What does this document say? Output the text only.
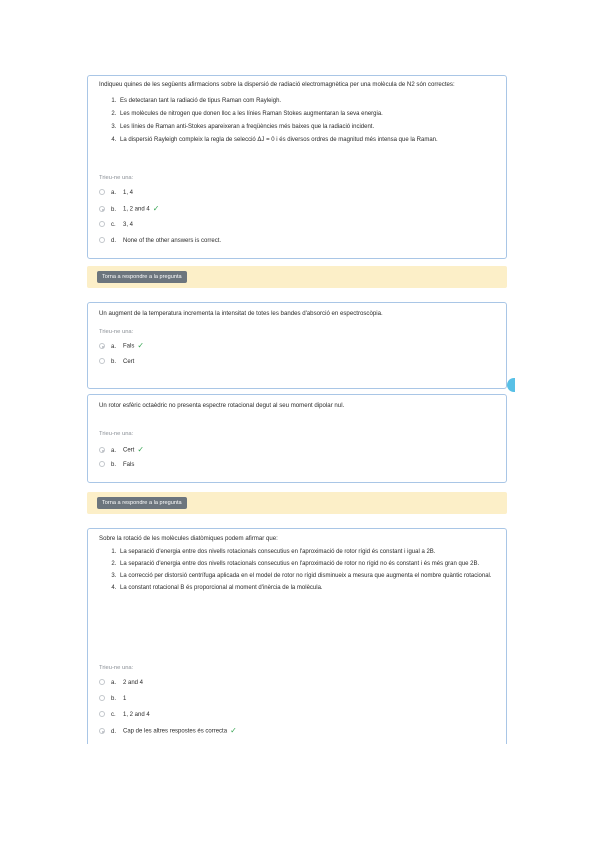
Indiqueu quines de les següents afirmacions sobre la dispersió de radiació electromagnètica per una molècula de N2 són correctes:
1. Es detectaran tant la radiació de tipus Raman com Rayleigh.
2. Les molècules de nitrogen que donen lloc a les línies Raman Stokes augmentaran la seva energia.
3. Les línies de Raman anti-Stokes apareixeran a freqüències més baixes que la radiació incident.
4. La dispersió Rayleigh compleix la regla de selecció ΔJ = 0 i és diversos ordres de magnitud més intensa que la Raman.
Trieu-ne una:
a. 1, 4
b. 1, 2 and 4 ✓
c. 3, 4
d. None of the other answers is correct.
Torna a respondre a la pregunta
Un augment de la temperatura incrementa la intensitat de totes les bandes d'absorció en espectroscòpia.
Trieu-ne una:
a. Fals ✓
b. Cert
Un rotor esfèric octaèdric no presenta espectre rotacional degut al seu moment dipolar nul.
Trieu-ne una:
a. Cert ✓
b. Fals
Torna a respondre a la pregunta
Sobre la rotació de les molècules diatòmiques podem afirmar que:
1. La separació d'energia entre dos nivells rotacionals consecutius en l'aproximació de rotor rígid és constant i igual a 2B.
2. La separació d'energia entre dos nivells rotacionals consecutius en l'aproximació de rotor no rígid no és constant i és més gran que 2B.
3. La correcció per distorsió centrífuga aplicada en el model de rotor no rígid disminueix a mesura que augmenta el nombre quàntic rotacional.
4. La constant rotacional B és proporcional al moment d'inèrcia de la molècula.
Trieu-ne una:
a. 2 and 4
b. 1
c. 1, 2 and 4
d. Cap de les altres respostes és correcta ✓
